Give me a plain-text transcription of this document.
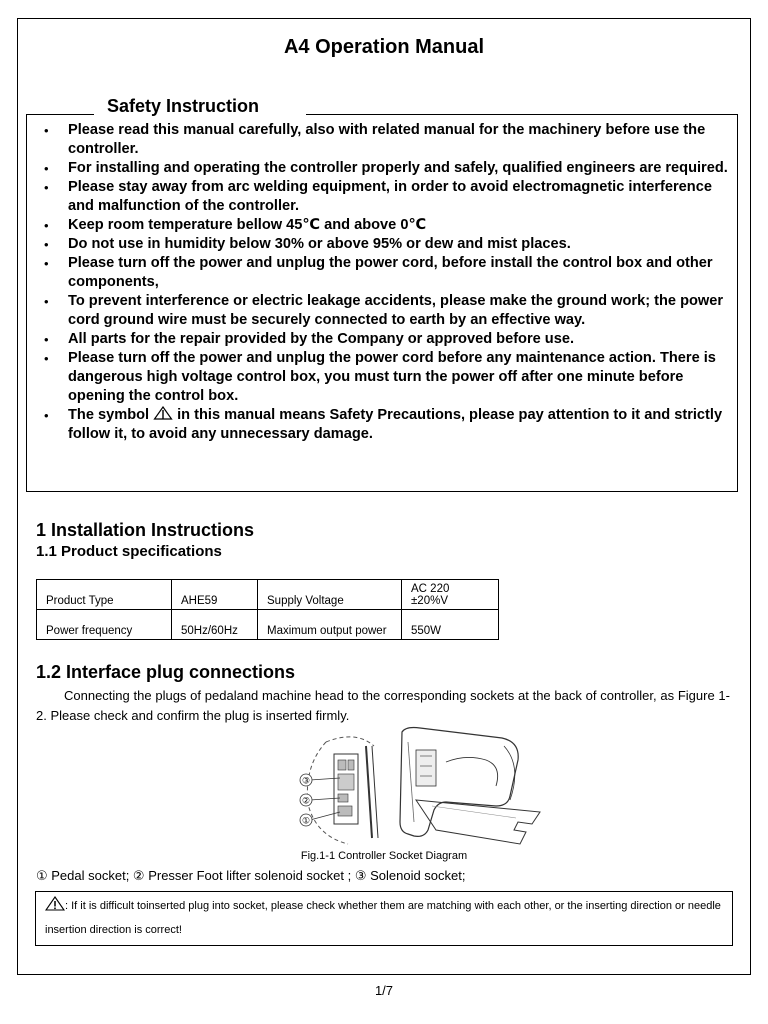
A4 Operation Manual
Safety Instruction
• Please read this manual carefully, also with related manual for the machinery before use the controller.
• For installing and operating the controller properly and safely, qualified engineers are required.
• Please stay away from arc welding equipment, in order to avoid electromagnetic interference and malfunction of the controller.
• Keep room temperature bellow 45℃ and above 0℃
• Do not use in humidity below 30% or above 95% or dew and mist places.
• Please turn off the power and unplug the power cord, before install the control box and other components,
• To prevent interference or electric leakage accidents, please make the ground work; the power cord ground wire must be securely connected to earth by an effective way.
• All parts for the repair provided by the Company or approved before use.
• Please turn off the power and unplug the power cord before any maintenance action. There is dangerous high voltage control box, you must turn the power off after one minute before opening the control box.
• The symbol in this manual means Safety Precautions, please pay attention to it and strictly follow it, to avoid any unnecessary damage.
1 Installation Instructions
1.1 Product specifications
Product Type	AHE59	Supply Voltage	AC 220 ±20%V
Power frequency	50Hz/60Hz	Maximum output power	550W
1.2 Interface plug connections
Connecting the plugs of pedaland machine head to the corresponding sockets at the back of controller, as Figure 1-2. Please check and confirm the plug is inserted firmly.
③
②
①
Fig.1-1 Controller Socket Diagram
① Pedal socket; ② Presser Foot lifter solenoid socket ; ③ Solenoid socket;
: If it is difficult toinserted plug into socket, please check whether them are matching with each other, or the inserting direction or needle insertion direction is correct!
1/7
